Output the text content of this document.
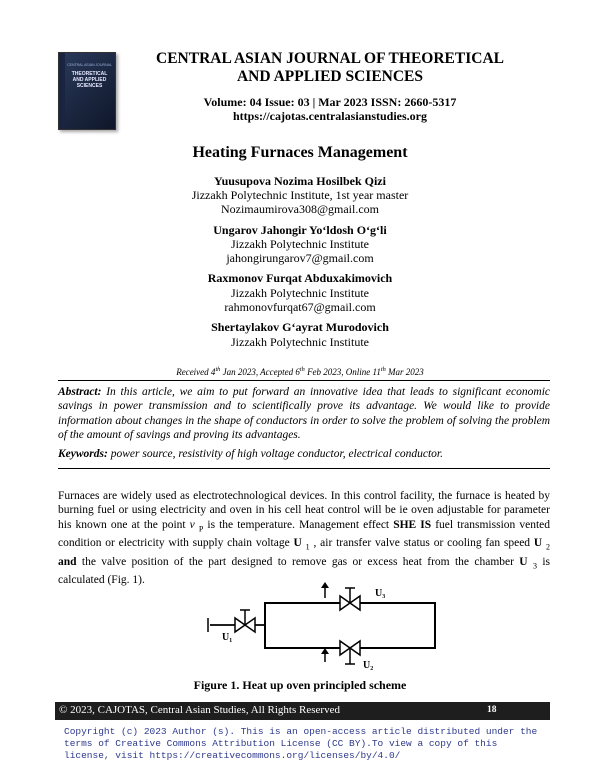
CENTRAL ASIAN JOURNAL
THEORETICAL AND APPLIED SCIENCES
CENTRAL ASIAN JOURNAL OF THEORETICAL
AND APPLIED SCIENCES
Volume: 04 Issue: 03 | Mar 2023 ISSN: 2660-5317
https://cajotas.centralasianstudies.org
Heating Furnaces Management
Yuusupova Nozima Hosilbek Qizi
Jizzakh Polytechnic Institute, 1st year master
Nozimaumirova308@gmail.com
Ungarov Jahongir Yo‘ldosh O‘g‘li
Jizzakh Polytechnic Institute
jahongirungarov7@gmail.com
Raxmonov Furqat Abduxakimovich
Jizzakh Polytechnic Institute
rahmonovfurqat67@gmail.com
Shertaylakov G‘ayrat Murodovich
Jizzakh Polytechnic Institute
Received 4th Jan 2023, Accepted 6th Feb 2023, Online 11th Mar 2023
Abstract: In this article, we aim to put forward an innovative idea that leads to significant economic savings in power transmission and to scientifically prove its advantage. We would like to provide information about changes in the shape of conductors in order to solve the problem of solving the problem of the amount of savings and proving its advantages.
Keywords: power source, resistivity of high voltage conductor, electrical conductor.
Furnaces are widely used as electrotechnological devices. In this control facility, the furnace is heated by burning fuel or using electricity and oven in his cell heat control will be ie oven adjustable for parameter his known one at the point v $_P$ is the temperature. Management effect SHE IS fuel transmission vented condition or electricity with supply chain voltage U $_1$ , air transfer valve status or cooling fan speed U $_2$ and the valve position of the part designed to remove gas or excess heat from the chamber U $_3$ is calculated (Fig. 1).
U₁
U₃
U₂
Figure 1. Heat up oven principled scheme
© 2023, CAJOTAS, Central Asian Studies, All Rights Reserved	18
Copyright (c) 2023 Author (s). This is an open-access article distributed under the terms of Creative Commons Attribution License (CC BY).To view a copy of this license, visit https://creativecommons.org/licenses/by/4.0/
